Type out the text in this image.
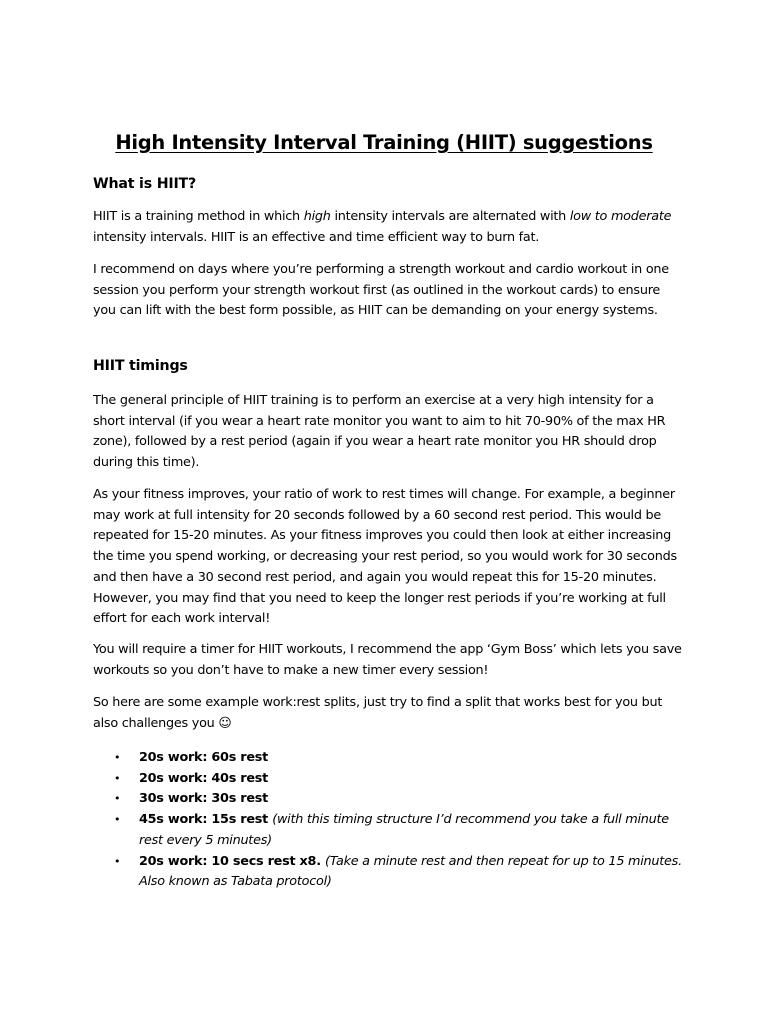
High Intensity Interval Training (HIIT) suggestions
What is HIIT?
HIIT is a training method in which high intensity intervals are alternated with low to moderate intensity intervals. HIIT is an effective and time efficient way to burn fat.
I recommend on days where you’re performing a strength workout and cardio workout in one session you perform your strength workout first (as outlined in the workout cards) to ensure you can lift with the best form possible, as HIIT can be demanding on your energy systems.
HIIT timings
The general principle of HIIT training is to perform an exercise at a very high intensity for a short interval (if you wear a heart rate monitor you want to aim to hit 70-90% of the max HR zone), followed by a rest period (again if you wear a heart rate monitor you HR should drop during this time).
As your fitness improves, your ratio of work to rest times will change. For example, a beginner may work at full intensity for 20 seconds followed by a 60 second rest period. This would be repeated for 15-20 minutes. As your fitness improves you could then look at either increasing the time you spend working, or decreasing your rest period, so you would work for 30 seconds and then have a 30 second rest period, and again you would repeat this for 15-20 minutes. However, you may find that you need to keep the longer rest periods if you’re working at full effort for each work interval!
You will require a timer for HIIT workouts, I recommend the app ‘Gym Boss’ which lets you save workouts so you don’t have to make a new timer every session!
So here are some example work:rest splits, just try to find a split that works best for you but also challenges you ☺
• 20s work: 60s rest
• 20s work: 40s rest
• 30s work: 30s rest
• 45s work: 15s rest (with this timing structure I’d recommend you take a full minute rest every 5 minutes)
• 20s work: 10 secs rest x8. (Take a minute rest and then repeat for up to 15 minutes. Also known as Tabata protocol)
